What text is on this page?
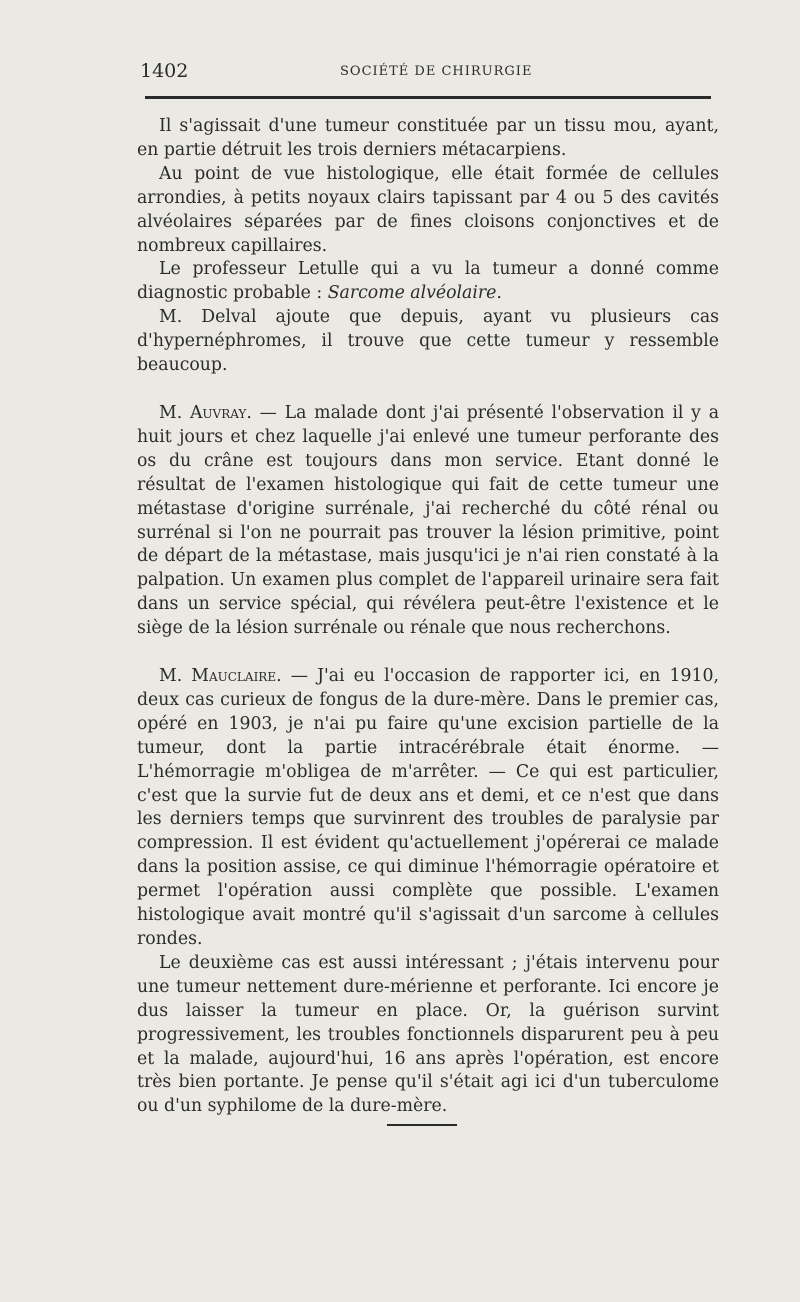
1402	SOCIÉTÉ DE CHIRURGIE

Il s'agissait d'une tumeur constituée par un tissu mou, ayant, en partie détruit les trois derniers métacarpiens.

Au point de vue histologique, elle était formée de cellules arrondies, à petits noyaux clairs tapissant par 4 ou 5 des cavités alvéolaires séparées par de fines cloisons conjonctives et de nombreux capillaires.

Le professeur Letulle qui a vu la tumeur a donné comme diagnostic probable : Sarcome alvéolaire.

M. Delval ajoute que depuis, ayant vu plusieurs cas d'hypernéphromes, il trouve que cette tumeur y ressemble beaucoup.

M. Auvray. — La malade dont j'ai présenté l'observation il y a huit jours et chez laquelle j'ai enlevé une tumeur perforante des os du crâne est toujours dans mon service. Etant donné le résultat de l'examen histologique qui fait de cette tumeur une métastase d'origine surrénale, j'ai recherché du côté rénal ou surrénal si l'on ne pourrait pas trouver la lésion primitive, point de départ de la métastase, mais jusqu'ici je n'ai rien constaté à la palpation. Un examen plus complet de l'appareil urinaire sera fait dans un service spécial, qui révélera peut-être l'existence et le siège de la lésion surrénale ou rénale que nous recherchons.

M. Mauclaire. — J'ai eu l'occasion de rapporter ici, en 1910, deux cas curieux de fongus de la dure-mère. Dans le premier cas, opéré en 1903, je n'ai pu faire qu'une excision partielle de la tumeur, dont la partie intracérébrale était énorme. — L'hémorragie m'obligea de m'arrêter. — Ce qui est particulier, c'est que la survie fut de deux ans et demi, et ce n'est que dans les derniers temps que survinrent des troubles de paralysie par compression. Il est évident qu'actuellement j'opérerai ce malade dans la position assise, ce qui diminue l'hémorragie opératoire et permet l'opération aussi complète que possible. L'examen histologique avait montré qu'il s'agissait d'un sarcome à cellules rondes.

Le deuxième cas est aussi intéressant ; j'étais intervenu pour une tumeur nettement dure-mérienne et perforante. Ici encore je dus laisser la tumeur en place. Or, la guérison survint progressivement, les troubles fonctionnels disparurent peu à peu et la malade, aujourd'hui, 16 ans après l'opération, est encore très bien portante. Je pense qu'il s'était agi ici d'un tuberculome ou d'un syphilome de la dure-mère.
